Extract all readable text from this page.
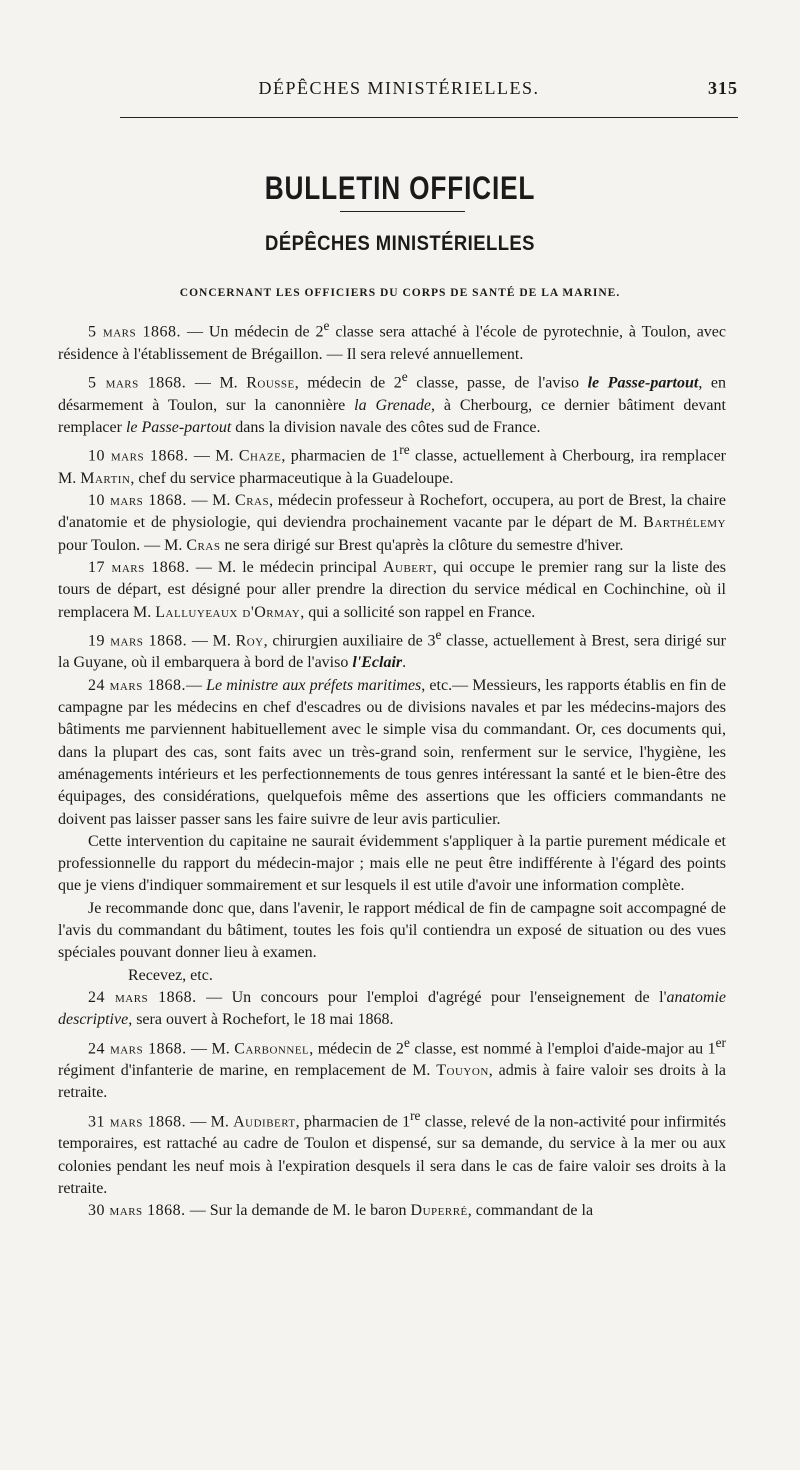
DÉPÊCHES MINISTÉRIELLES.	315
BULLETIN OFFICIEL
DÉPÊCHES MINISTÉRIELLES
CONCERNANT LES OFFICIERS DU CORPS DE SANTÉ DE LA MARINE.

5 mars 1868. — Un médecin de 2e classe sera attaché à l'école de pyrotechnie, à Toulon, avec résidence à l'établissement de Brégaillon. — Il sera relevé annuellement.

5 mars 1868. — M. Rousse, médecin de 2e classe, passe, de l'aviso le Passe-partout, en désarmement à Toulon, sur la canonnière la Grenade, à Cherbourg, ce dernier bâtiment devant remplacer le Passe-partout dans la division navale des côtes sud de France.

10 mars 1868. — M. Chaze, pharmacien de 1re classe, actuellement à Cherbourg, ira remplacer M. Martin, chef du service pharmaceutique à la Guadeloupe.

10 mars 1868. — M. Cras, médecin professeur à Rochefort, occupera, au port de Brest, la chaire d'anatomie et de physiologie, qui deviendra prochainement vacante par le départ de M. Barthélemy pour Toulon. — M. Cras ne sera dirigé sur Brest qu'après la clôture du semestre d'hiver.

17 mars 1868. — M. le médecin principal Aubert, qui occupe le premier rang sur la liste des tours de départ, est désigné pour aller prendre la direction du service médical en Cochinchine, où il remplacera M. Lalluyeaux d'Ormay, qui a sollicité son rappel en France.

19 mars 1868. — M. Roy, chirurgien auxiliaire de 3e classe, actuellement à Brest, sera dirigé sur la Guyane, où il embarquera à bord de l'aviso l'Eclair.

24 mars 1868.— Le ministre aux préfets maritimes, etc.— Messieurs, les rapports établis en fin de campagne par les médecins en chef d'escadres ou de divisions navales et par les médecins-majors des bâtiments me parviennent habituellement avec le simple visa du commandant. Or, ces documents qui, dans la plupart des cas, sont faits avec un très-grand soin, renferment sur le service, l'hygiène, les aménagements intérieurs et les perfectionnements de tous genres intéressant la santé et le bien-être des équipages, des considérations, quelquefois même des assertions que les officiers commandants ne doivent pas laisser passer sans les faire suivre de leur avis particulier.

Cette intervention du capitaine ne saurait évidemment s'appliquer à la partie purement médicale et professionnelle du rapport du médecin-major ; mais elle ne peut être indifférente à l'égard des points que je viens d'indiquer sommairement et sur lesquels il est utile d'avoir une information complète.

Je recommande donc que, dans l'avenir, le rapport médical de fin de campagne soit accompagné de l'avis du commandant du bâtiment, toutes les fois qu'il contiendra un exposé de situation ou des vues spéciales pouvant donner lieu à examen.

Recevez, etc.

24 mars 1868. — Un concours pour l'emploi d'agrégé pour l'enseignement de l'anatomie descriptive, sera ouvert à Rochefort, le 18 mai 1868.

24 mars 1868. — M. Carbonnel, médecin de 2e classe, est nommé à l'emploi d'aide-major au 1er régiment d'infanterie de marine, en remplacement de M. Touyon, admis à faire valoir ses droits à la retraite.

31 mars 1868. — M. Audibert, pharmacien de 1re classe, relevé de la non-activité pour infirmités temporaires, est rattaché au cadre de Toulon et dispensé, sur sa demande, du service à la mer ou aux colonies pendant les neuf mois à l'expiration desquels il sera dans le cas de faire valoir ses droits à la retraite.

30 mars 1868. — Sur la demande de M. le baron Duperré, commandant de la
